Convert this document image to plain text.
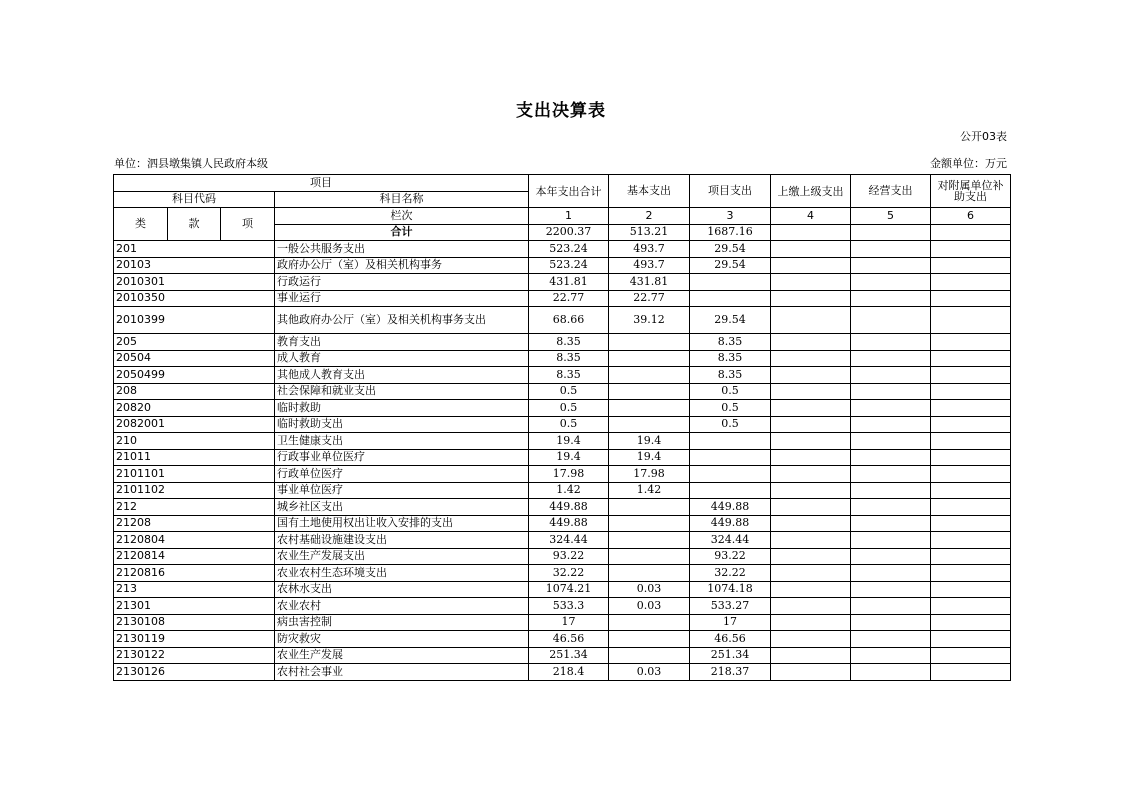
支出决算表
公开03表
单位：泗县墩集镇人民政府本级	金额单位：万元
项目				本年支出合计	基本支出	项目支出	上缴上级支出	经营支出	对附属单位补助支出
科目代码			科目名称						
类	款	项	栏次	1	2	3	4	5	6
			合计	2200.37	513.21	1687.16			
201			一般公共服务支出	523.24	493.7	29.54			
20103			政府办公厅（室）及相关机构事务	523.24	493.7	29.54			
2010301			行政运行	431.81	431.81				
2010350			事业运行	22.77	22.77				
2010399			其他政府办公厅（室）及相关机构事务支出	68.66	39.12	29.54			
205			教育支出	8.35		8.35			
20504			成人教育	8.35		8.35			
2050499			其他成人教育支出	8.35		8.35			
208			社会保障和就业支出	0.5		0.5			
20820			临时救助	0.5		0.5			
2082001			临时救助支出	0.5		0.5			
210			卫生健康支出	19.4	19.4				
21011			行政事业单位医疗	19.4	19.4				
2101101			行政单位医疗	17.98	17.98				
2101102			事业单位医疗	1.42	1.42				
212			城乡社区支出	449.88		449.88			
21208			国有土地使用权出让收入安排的支出	449.88		449.88			
2120804			农村基础设施建设支出	324.44		324.44			
2120814			农业生产发展支出	93.22		93.22			
2120816			农业农村生态环境支出	32.22		32.22			
213			农林水支出	1074.21	0.03	1074.18			
21301			农业农村	533.3	0.03	533.27			
2130108			病虫害控制	17		17			
2130119			防灾救灾	46.56		46.56			
2130122			农业生产发展	251.34		251.34			
2130126			农村社会事业	218.4	0.03	218.37			
